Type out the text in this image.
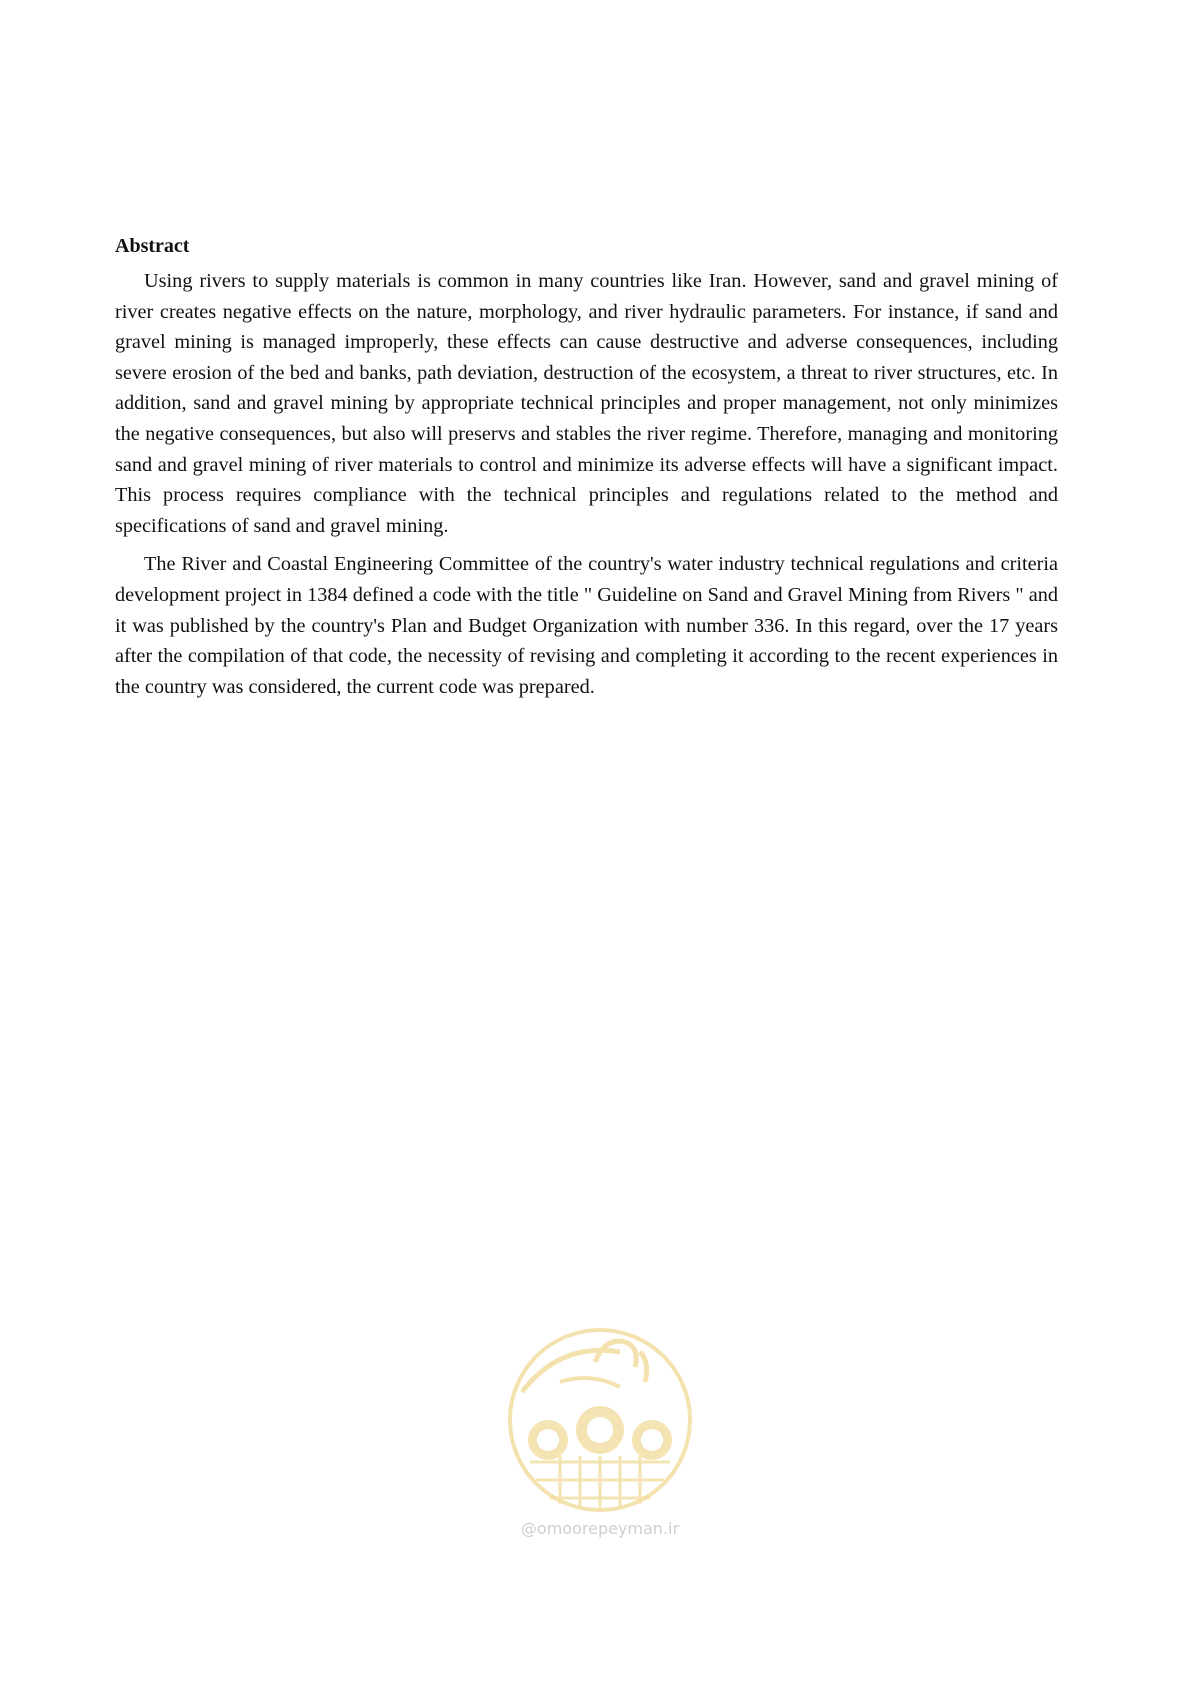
Abstract

Using rivers to supply materials is common in many countries like Iran. However, sand and gravel mining of river creates negative effects on the nature, morphology, and river hydraulic parameters. For instance, if sand and gravel mining is managed improperly, these effects can cause destructive and adverse consequences, including severe erosion of the bed and banks, path deviation, destruction of the ecosystem, a threat to river structures, etc. In addition, sand and gravel mining by appropriate technical principles and proper management, not only minimizes the negative consequences, but also will preservs and stables the river regime. Therefore, managing and monitoring sand and gravel mining of river materials to control and minimize its adverse effects will have a significant impact. This process requires compliance with the technical principles and regulations related to the method and specifications of sand and gravel mining.

The River and Coastal Engineering Committee of the country's water industry technical regulations and criteria development project in 1384 defined a code with the title " Guideline on Sand and Gravel Mining from Rivers " and it was published by the country's Plan and Budget Organization with number 336. In this regard, over the 17 years after the compilation of that code, the necessity of revising and completing it according to the recent experiences in the country was considered, the current code was prepared.

@omoorepeyman.ir
